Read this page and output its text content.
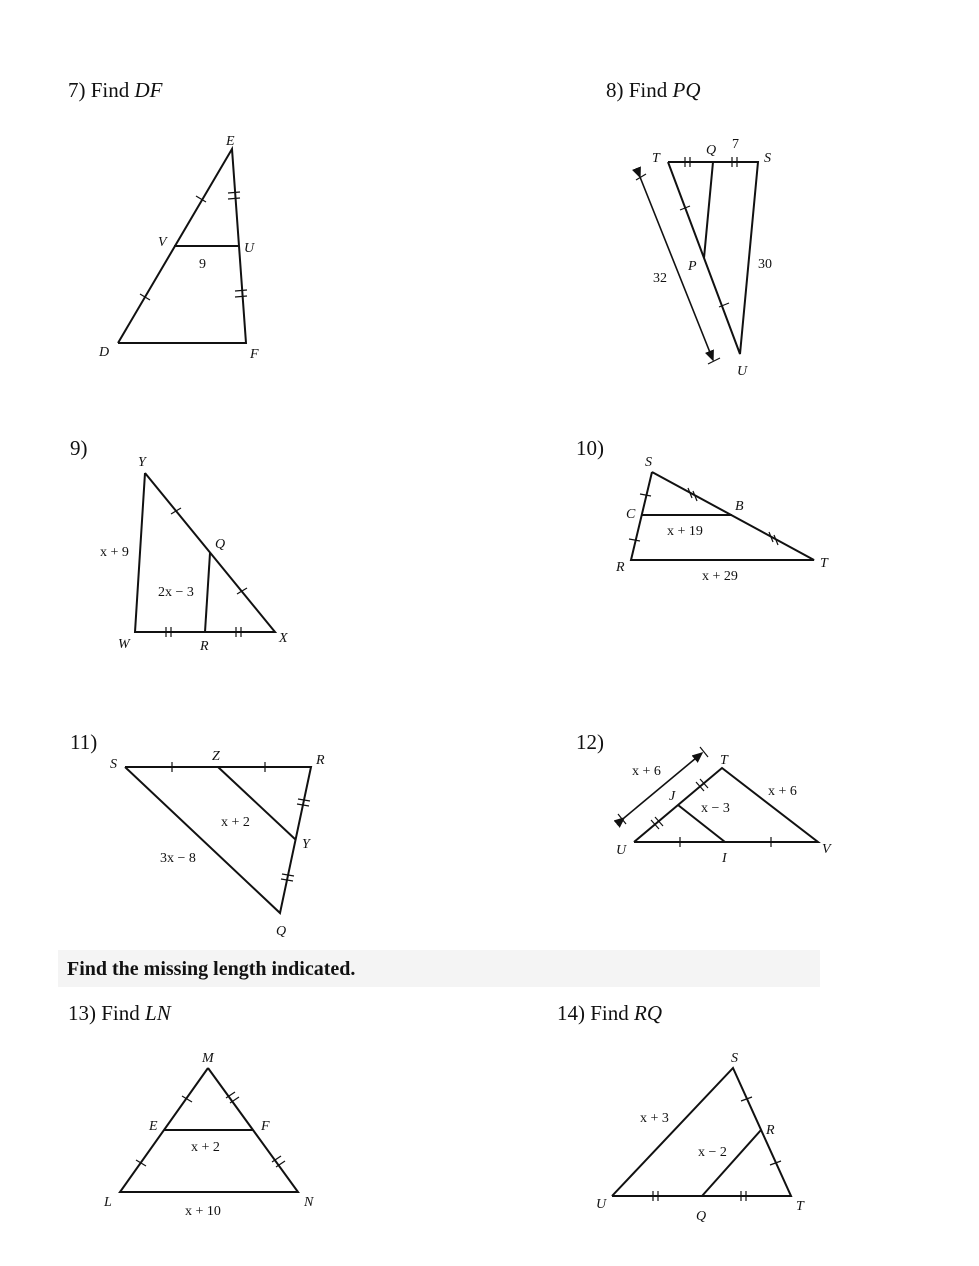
7) Find DF	8) Find PQ
9)	10)
11)	12)
Find the missing length indicated.
13) Find LN	14) Find RQ
E
V	U
D	F
9
T
Q 7
S
P
32
30
U
Y
x + 9
Q
2x − 3
W	R
X
S
C
B
x + 19
R
x + 29
T
S
Z	R
x + 2
Y
3x − 8
Q
x + 6
T
x + 6
J
x − 3
U
I
V
M
E	F
x + 2
L
x + 10
N
S
x + 3
R
x − 2
U
Q
T
